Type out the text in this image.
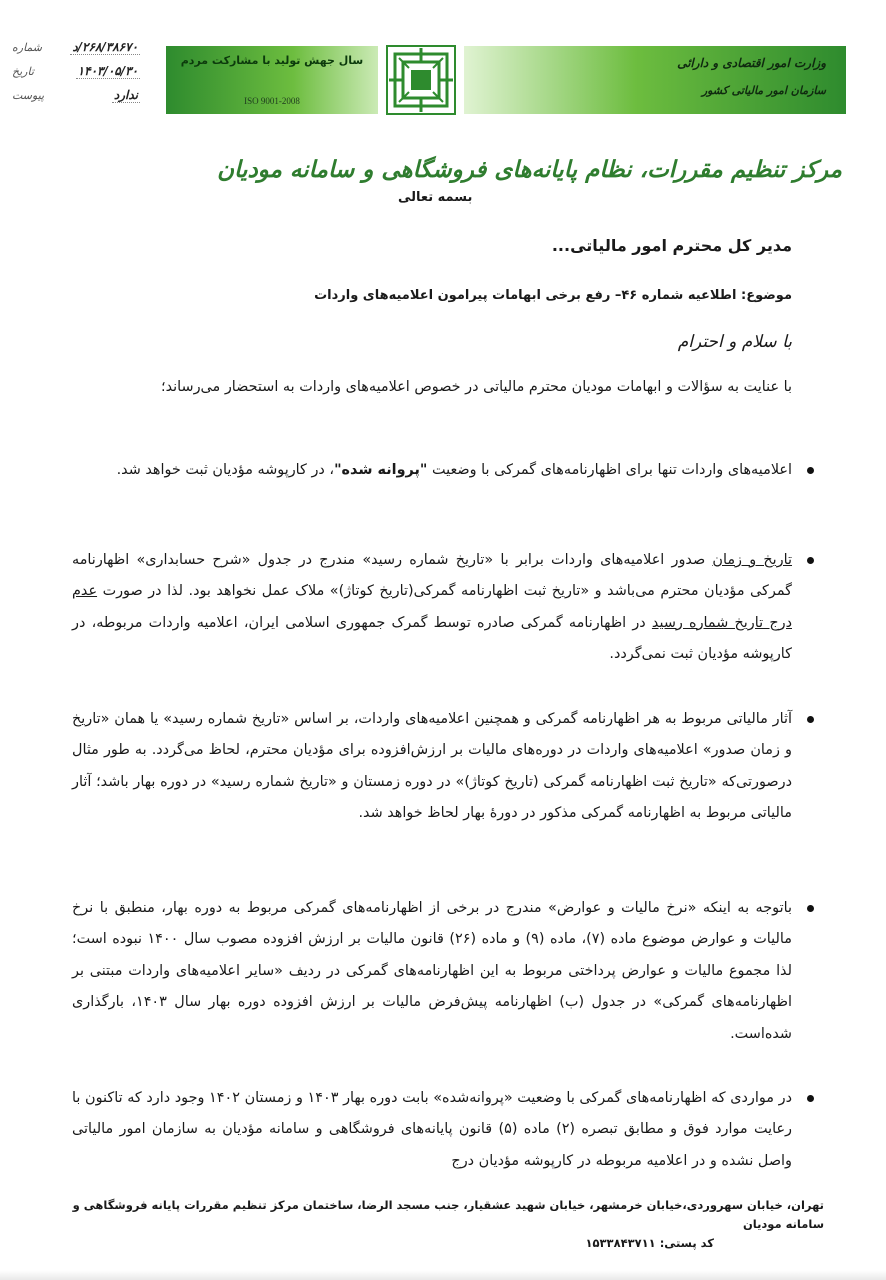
۲۶۸/۳۸۶۷۰/د
شماره
۱۴۰۳/۰۵/۳۰
تاریخ
ندارد
پیوست
سال جهش تولید با مشارکت مردم
ISO 9001-2008
وزارت امور اقتصادی و دارائی
سازمان امور مالیاتی کشور
مرکز تنظیم مقررات، نظام پایانه‌های فروشگاهی و سامانه مودیان
بسمه تعالی
مدیر کل محترم امور مالیاتی...
موضوع: اطلاعیه شماره ۴۶– رفع برخی ابهامات پیرامون اعلامیه‌های واردات
با سلام و احترام
با عنایت به سؤالات و ابهامات مودیان محترم مالیاتی در خصوص اعلامیه‌های واردات به استحضار می‌رساند؛
اعلامیه‌های واردات تنها برای اظهارنامه‌های گمرکی با وضعیت "پروانه شده"، در کارپوشه مؤدیان ثبت خواهد شد.
تاریخ و زمان صدور اعلامیه‌های واردات برابر با «تاریخ شماره رسید» مندرج در جدول «شرح حسابداری» اظهارنامه گمرکی مؤدیان محترم می‌باشد و «تاریخ ثبت اظهارنامه گمرکی(تاریخ کوتاژ)» ملاک عمل نخواهد بود. لذا در صورت عدم درج تاریخ شماره رسید در اظهارنامه گمرکی صادره توسط گمرک جمهوری اسلامی ایران، اعلامیه واردات مربوطه، در کارپوشه مؤدیان ثبت نمی‌گردد.
آثار مالیاتی مربوط به هر اظهارنامه گمرکی و همچنین اعلامیه‌های واردات، بر اساس «تاریخ شماره رسید» یا همان «تاریخ و زمان صدور» اعلامیه‌های واردات در دوره‌های مالیات بر ارزش‌افزوده برای مؤدیان محترم، لحاظ می‌گردد. به طور مثال درصورتی‌که «تاریخ ثبت اظهارنامه گمرکی (تاریخ کوتاژ)» در دوره زمستان و «تاریخ شماره رسید» در دوره بهار باشد؛ آثار مالیاتی مربوط به اظهارنامه گمرکی مذکور در دورهٔ بهار لحاظ خواهد شد.
باتوجه به اینکه «نرخ مالیات و عوارض» مندرج در برخی از اظهارنامه‌های گمرکی مربوط به دوره بهار، منطبق با نرخ مالیات و عوارض موضوع ماده (۷)، ماده (۹) و ماده (۲۶) قانون مالیات بر ارزش افزوده مصوب سال ۱۴۰۰ نبوده است؛ لذا مجموع مالیات و عوارض پرداختی مربوط به این اظهارنامه‌های گمرکی در ردیف «سایر اعلامیه‌های واردات مبتنی بر اظهارنامه‌های گمرکی» در جدول (ب) اظهارنامه پیش‌فرض مالیات بر ارزش افزوده دوره بهار سال ۱۴۰۳، بارگذاری شده‌است.
در مواردی که اظهارنامه‌های گمرکی با وضعیت «پروانه‌شده» بابت دوره بهار ۱۴۰۳ و زمستان ۱۴۰۲ وجود دارد که تاکنون با رعایت موارد فوق و مطابق تبصره (۲) ماده (۵) قانون پایانه‌های فروشگاهی و سامانه مؤدیان به سازمان امور مالیاتی واصل نشده و در اعلامیه مربوطه در کارپوشه مؤدیان درج
تهران، خیابان سهروردی،خیابان خرمشهر، خیابان شهید عشقیار، جنب مسجد الرضا، ساختمان مرکز تنظیم مقررات پایانه فروشگاهی و سامانه مودیان
کد پستی: ۱۵۳۳۸۴۳۷۱۱
